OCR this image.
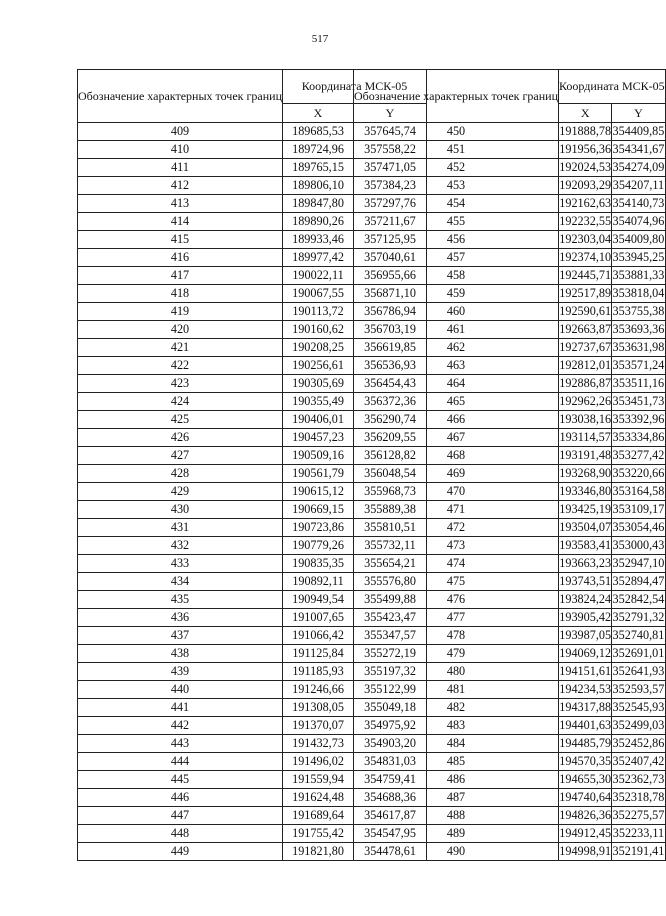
517
Обозначение характерных точек границ	Координата МСК-05	
	X	Y
409	189685,53	357645,74
410	189724,96	357558,22
411	189765,15	357471,05
412	189806,10	357384,23
413	189847,80	357297,76
414	189890,26	357211,67
415	189933,46	357125,95
416	189977,42	357040,61
417	190022,11	356955,66
418	190067,55	356871,10
419	190113,72	356786,94
420	190160,62	356703,19
421	190208,25	356619,85
422	190256,61	356536,93
423	190305,69	356454,43
424	190355,49	356372,36
425	190406,01	356290,74
426	190457,23	356209,55
427	190509,16	356128,82
428	190561,79	356048,54
429	190615,12	355968,73
430	190669,15	355889,38
431	190723,86	355810,51
432	190779,26	355732,11
433	190835,35	355654,21
434	190892,11	355576,80
435	190949,54	355499,88
436	191007,65	355423,47
437	191066,42	355347,57
438	191125,84	355272,19
439	191185,93	355197,32
440	191246,66	355122,99
441	191308,05	355049,18
442	191370,07	354975,92
443	191432,73	354903,20
444	191496,02	354831,03
445	191559,94	354759,41
446	191624,48	354688,36
447	191689,64	354617,87
448	191755,42	354547,95
449	191821,80	354478,61
Обозначение характерных точек границ	Координата МСК-05	
	X	Y
450	191888,78	354409,85
451	191956,36	354341,67
452	192024,53	354274,09
453	192093,29	354207,11
454	192162,63	354140,73
455	192232,55	354074,96
456	192303,04	354009,80
457	192374,10	353945,25
458	192445,71	353881,33
459	192517,89	353818,04
460	192590,61	353755,38
461	192663,87	353693,36
462	192737,67	353631,98
463	192812,01	353571,24
464	192886,87	353511,16
465	192962,26	353451,73
466	193038,16	353392,96
467	193114,57	353334,86
468	193191,48	353277,42
469	193268,90	353220,66
470	193346,80	353164,58
471	193425,19	353109,17
472	193504,07	353054,46
473	193583,41	353000,43
474	193663,23	352947,10
475	193743,51	352894,47
476	193824,24	352842,54
477	193905,42	352791,32
478	193987,05	352740,81
479	194069,12	352691,01
480	194151,61	352641,93
481	194234,53	352593,57
482	194317,88	352545,93
483	194401,63	352499,03
484	194485,79	352452,86
485	194570,35	352407,42
486	194655,30	352362,73
487	194740,64	352318,78
488	194826,36	352275,57
489	194912,45	352233,11
490	194998,91	352191,41
